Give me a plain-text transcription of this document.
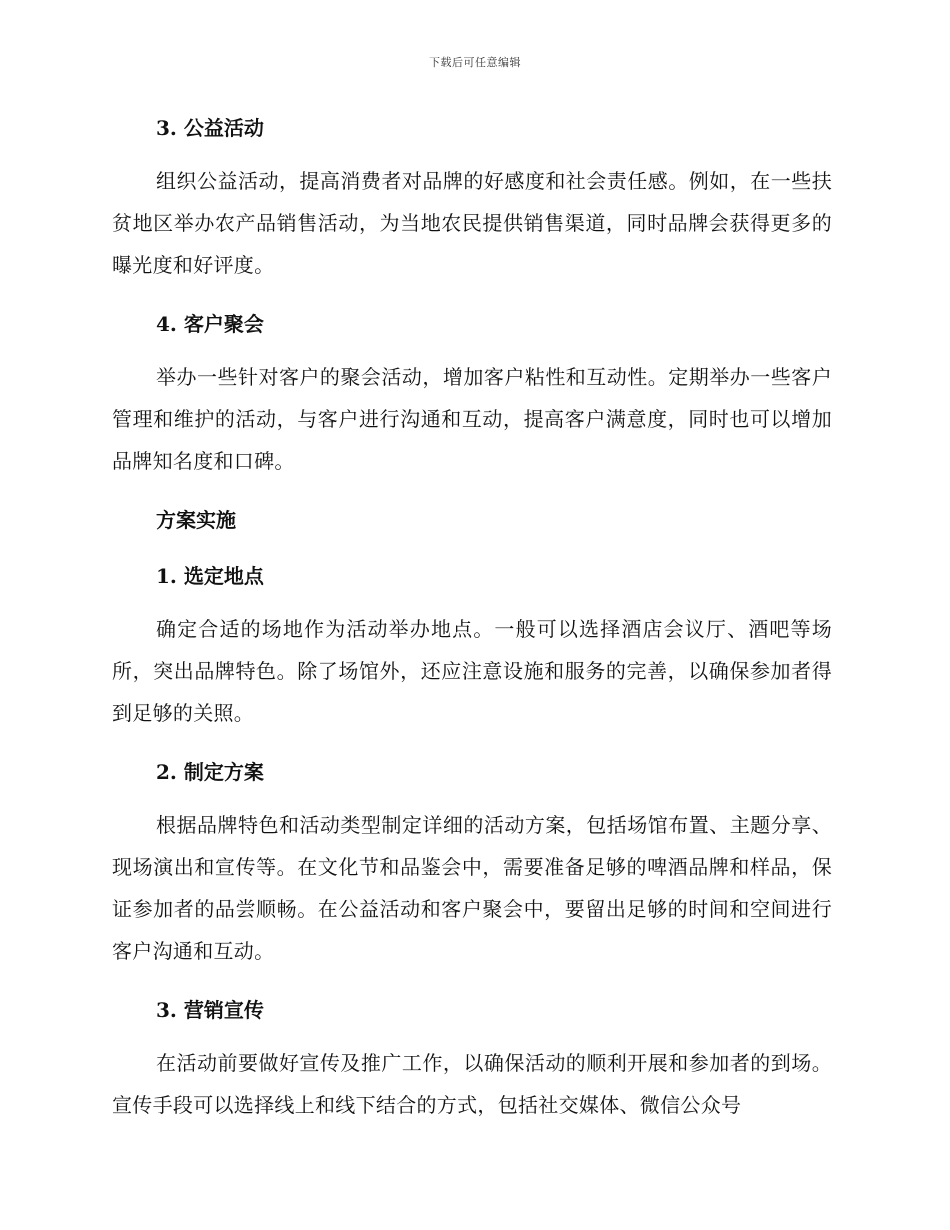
下载后可任意编辑
3. 公益活动

组织公益活动，提高消费者对品牌的好感度和社会责任感。例如，在一些扶贫地区举办农产品销售活动，为当地农民提供销售渠道，同时品牌会获得更多的曝光度和好评度。

4. 客户聚会

举办一些针对客户的聚会活动，增加客户粘性和互动性。定期举办一些客户管理和维护的活动，与客户进行沟通和互动，提高客户满意度，同时也可以增加品牌知名度和口碑。

方案实施
1. 选定地点

确定合适的场地作为活动举办地点。一般可以选择酒店会议厅、酒吧等场所，突出品牌特色。除了场馆外，还应注意设施和服务的完善，以确保参加者得到足够的关照。

2. 制定方案

根据品牌特色和活动类型制定详细的活动方案，包括场馆布置、主题分享、现场演出和宣传等。在文化节和品鉴会中，需要准备足够的啤酒品牌和样品，保证参加者的品尝顺畅。在公益活动和客户聚会中，要留出足够的时间和空间进行客户沟通和互动。

3. 营销宣传

在活动前要做好宣传及推广工作，以确保活动的顺利开展和参加者的到场。宣传手段可以选择线上和线下结合的方式，包括社交媒体、微信公众号
